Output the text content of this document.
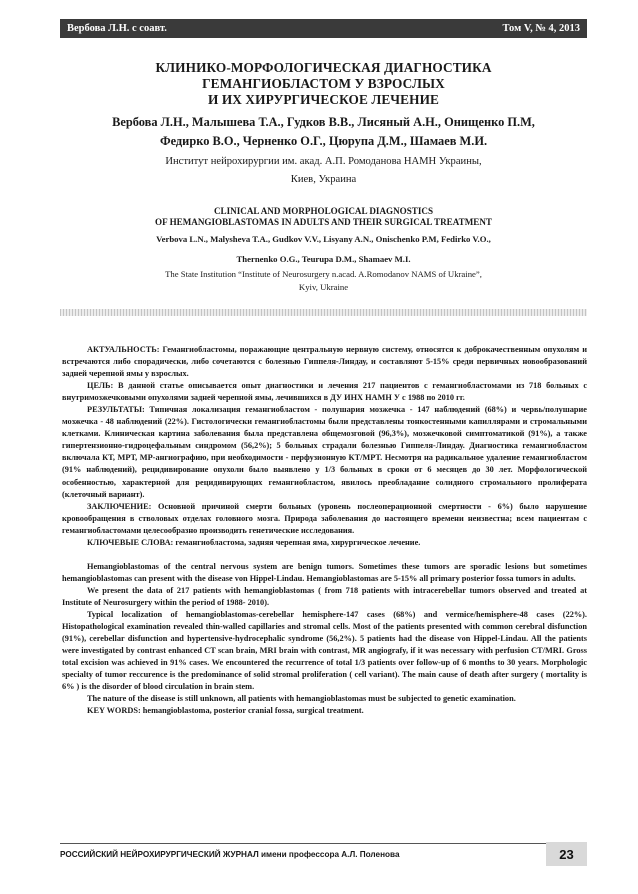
Вербова Л.Н. с соавт.	Том V, № 4, 2013
КЛИНИКО-МОРФОЛОГИЧЕСКАЯ ДИАГНОСТИКА
ГЕМАНГИОБЛАСТОМ У ВЗРОСЛЫХ
И ИХ ХИРУРГИЧЕСКОЕ ЛЕЧЕНИЕ
Вербова Л.Н., Малышева Т.А., Гудков В.В., Лисяный А.Н., Онищенко П.М,
Федирко В.О., Черненко О.Г., Цюрупа Д.М., Шамаев М.И.
Институт нейрохирургии им. акад. А.П. Ромоданова НАМН Украины,
Киев, Украина
CLINICAL AND MORPHOLOGICAL DIAGNOSTICS
OF HEMANGIOBLASTOMAS IN ADULTS AND THEIR SURGICAL TREATMENT
Verbova L.N., Malysheva T.A., Gudkov V.V., Lisyany A.N., Onischenko P.M, Fedirko V.O.,
Thernenko O.G., Teurupa D.M., Shamaev M.I.
The State Institution “Institute of Neurosurgery n.acad. A.Romodanov NAMS of Ukraine”,
Kyiv, Ukraine

АКТУАЛЬНОСТЬ: Гемангиобластомы, поражающие центральную нервную систему, относятся к доброкачественным опухолям и встречаются либо спорадически, либо сочетаются с болезнью Гиппеля-Линдау, и составляют 5-15% среди первичных новообразований задней черепной ямы у взрослых.

ЦЕЛЬ: В данной статье описывается опыт диагностики и лечения 217 пациентов с гемангиобластомами из 718 больных с внутримозжечковыми опухолями задней черепной ямы, лечившихся в ДУ ИНХ НАМН У с 1988 по 2010 гг.

РЕЗУЛЬТАТЫ: Типичная локализация гемангиобластом - полушария мозжечка - 147 наблюдений (68%) и червь/полушарие мозжечка - 48 наблюдений (22%). Гистологически гемангиобластомы были представлены тонкостенными капиллярами и стромальными клетками. Клиническая картина заболевания была представлена общемозговой (96,3%), мозжечковой симптоматикой (91%), а также гипертензионно-гидроцефальным синдромом (56,2%); 5 больных страдали болезнью Гиппеля-Линдау. Диагностика гемангиобластом включала КТ, МРТ, МР-ангиографию, при необходимости - перфузионную КТ/МРТ. Несмотря на радикальное удаление гемангиобластом (91% наблюдений), рецидивирование опухоли было выявлено у 1/3 больных в сроки от 6 месяцев до 30 лет. Морфологической особенностью, характерной для рецидивирующих гемангиобластом, явилось преобладание солидного стромального пролиферата (клеточный вариант).

ЗАКЛЮЧЕНИЕ: Основной причиной смерти больных (уровень послеоперационной смертности - 6%) было нарушение кровообращения в стволовых отделах головного мозга. Природа заболевания до настоящего времени неизвестна; всем пациентам с гемангиобластомами целесообразно производить генетические исследования.

КЛЮЧЕВЫЕ СЛОВА: гемангиобластома, задняя черепная яма, хирургическое лечение.

Hemangioblastomas of the central nervous system are benign tumors. Sometimes these tumors are sporadic lesions but sometimes hemangioblastomas can present with the disease von Hippel-Lindau. Hemangioblastomas are 5-15% all primary posterior fossa tumors in adults.

We present the data of 217 patients with hemangioblastomas ( from 718 patients with intracerebellar tumors observed and treated at Institute of Neurosurgery within the period of 1988- 2010).

Typical localization of hemangioblastomas-cerebellar hemisphere-147 cases (68%) and vermice/hemisphere-48 cases (22%). Histopathological examination revealed thin-walled capillaries and stromal cells. Most of the patients presented with common cerebral disfunction (91%), cerebellar disfunction and hypertensive-hydrocephalic syndrome (56,2%). 5 patients had the disease von Hippel-Lindau. All the patients were investigated by contrast enhanced CT scan brain, MRI brain with contrast, MR angiografy, if it was necessary with perfusion CT/MRI. Gross total excision was achieved in 91% cases. We encountered the recurrence of total 1/3 patients over follow-up of 6 months to 30 years. Morphologic specialty of tumor reccurence is the predominance of solid stromal proliferation ( cell variant). The main cause of death after surgery ( mortality is 6% ) is the disorder of blood circulation in brain stem.

The nature of the disease is still unknown, all patients with hemangioblastomas must be subjected to genetic examination.

KEY WORDS: hemangioblastoma, posterior cranial fossa, surgical treatment.

РОССИЙСКИЙ НЕЙРОХИРУРГИЧЕСКИЙ ЖУРНАЛ имени профессора А.Л. Поленова	23
